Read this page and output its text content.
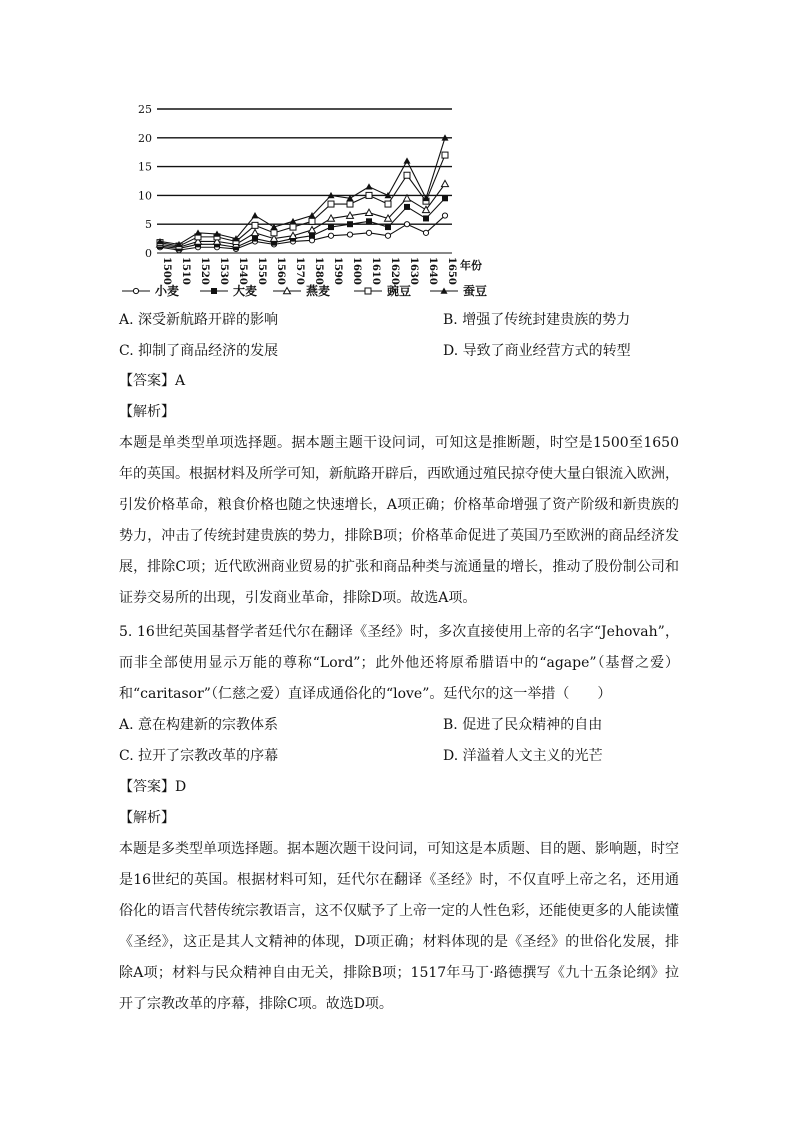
0
5
10
15
20
25
1500 1510 1520 1530 1540 1550 1560 1570 1580 1590 1600 1610 1620 1630 1640 1650 年份
小麦	大麦	燕麦	豌豆	蚕豆
A. 深受新航路开辟的影响	B. 增强了传统封建贵族的势力
C. 抑制了商品经济的发展	D. 导致了商业经营方式的转型
【答案】A
【解析】
本题是单类型单项选择题。据本题主题干设问词，可知这是推断题，时空是1500至1650年的英国。根据材料及所学可知，新航路开辟后，西欧通过殖民掠夺使大量白银流入欧洲，引发价格革命，粮食价格也随之快速增长，A项正确；价格革命增强了资产阶级和新贵族的势力，冲击了传统封建贵族的势力，排除B项；价格革命促进了英国乃至欧洲的商品经济发展，排除C项；近代欧洲商业贸易的扩张和商品种类与流通量的增长，推动了股份制公司和证券交易所的出现，引发商业革命，排除D项。故选A项。
5. 16世纪英国基督学者廷代尔在翻译《圣经》时，多次直接使用上帝的名字“Jehovah”，而非全部使用显示万能的尊称“Lord”；此外他还将原希腊语中的“agape”（基督之爱）和“caritasor”（仁慈之爱）直译成通俗化的“love”。廷代尔的这一举措（　　）
A. 意在构建新的宗教体系	B. 促进了民众精神的自由
C. 拉开了宗教改革的序幕	D. 洋溢着人文主义的光芒
【答案】D
【解析】
本题是多类型单项选择题。据本题次题干设问词，可知这是本质题、目的题、影响题，时空是16世纪的英国。根据材料可知，廷代尔在翻译《圣经》时，不仅直呼上帝之名，还用通俗化的语言代替传统宗教语言，这不仅赋予了上帝一定的人性色彩，还能使更多的人能读懂《圣经》，这正是其人文精神的体现，D项正确；材料体现的是《圣经》的世俗化发展，排除A项；材料与民众精神自由无关，排除B项；1517年马丁·路德撰写《九十五条论纲》拉开了宗教改革的序幕，排除C项。故选D项。
